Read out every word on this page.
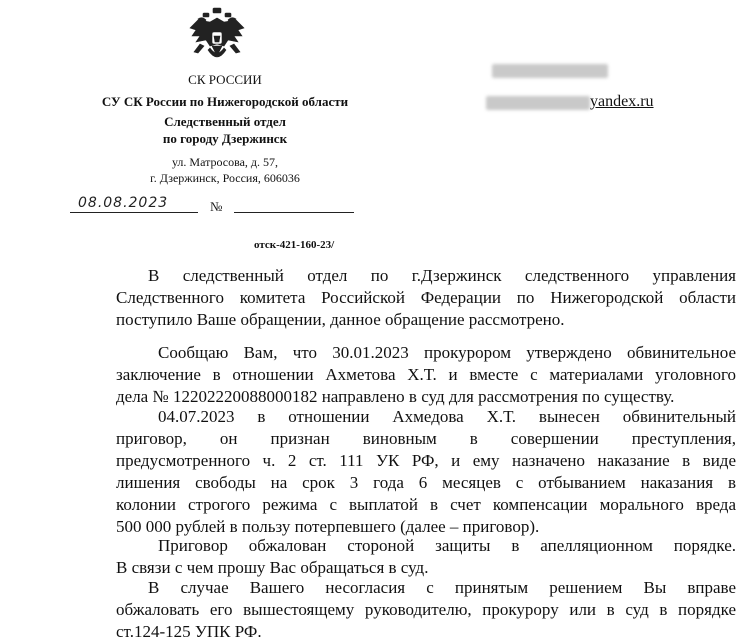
СК РОССИИ
СУ СК России по Нижегородской области
Следственный отдел
по городу Дзержинск
ул. Матросова, д. 57,
г. Дзержинск, Россия, 606036
08.08.2023	№
отск-421-160-23/
yandex.ru
В следственный отдел по г.Дзержинск следственного управления
Следственного комитета Российской Федерации по Нижегородской области
поступило Ваше обращении, данное обращение рассмотрено.
Сообщаю Вам, что 30.01.2023 прокурором утверждено обвинительное
заключение в отношении Ахметова Х.Т. и вместе с материалами уголовного
дела № 12202220088000182 направлено в суд для рассмотрения по существу.
04.07.2023 в отношении Ахмедова Х.Т. вынесен обвинительный
приговор, он признан виновным в совершении преступления,
предусмотренного ч. 2 ст. 111 УК РФ, и ему назначено наказание в виде
лишения свободы на срок 3 года 6 месяцев с отбыванием наказания в
колонии строгого режима с выплатой в счет компенсации морального вреда
500 000 рублей в пользу потерпевшего (далее – приговор).
Приговор обжалован стороной защиты в апелляционном порядке.
В связи с чем прошу Вас обращаться в суд.
В случае Вашего несогласия с принятым решением Вы вправе
обжаловать его вышестоящему руководителю, прокурору или в суд в порядке
ст.124-125 УПК РФ.
